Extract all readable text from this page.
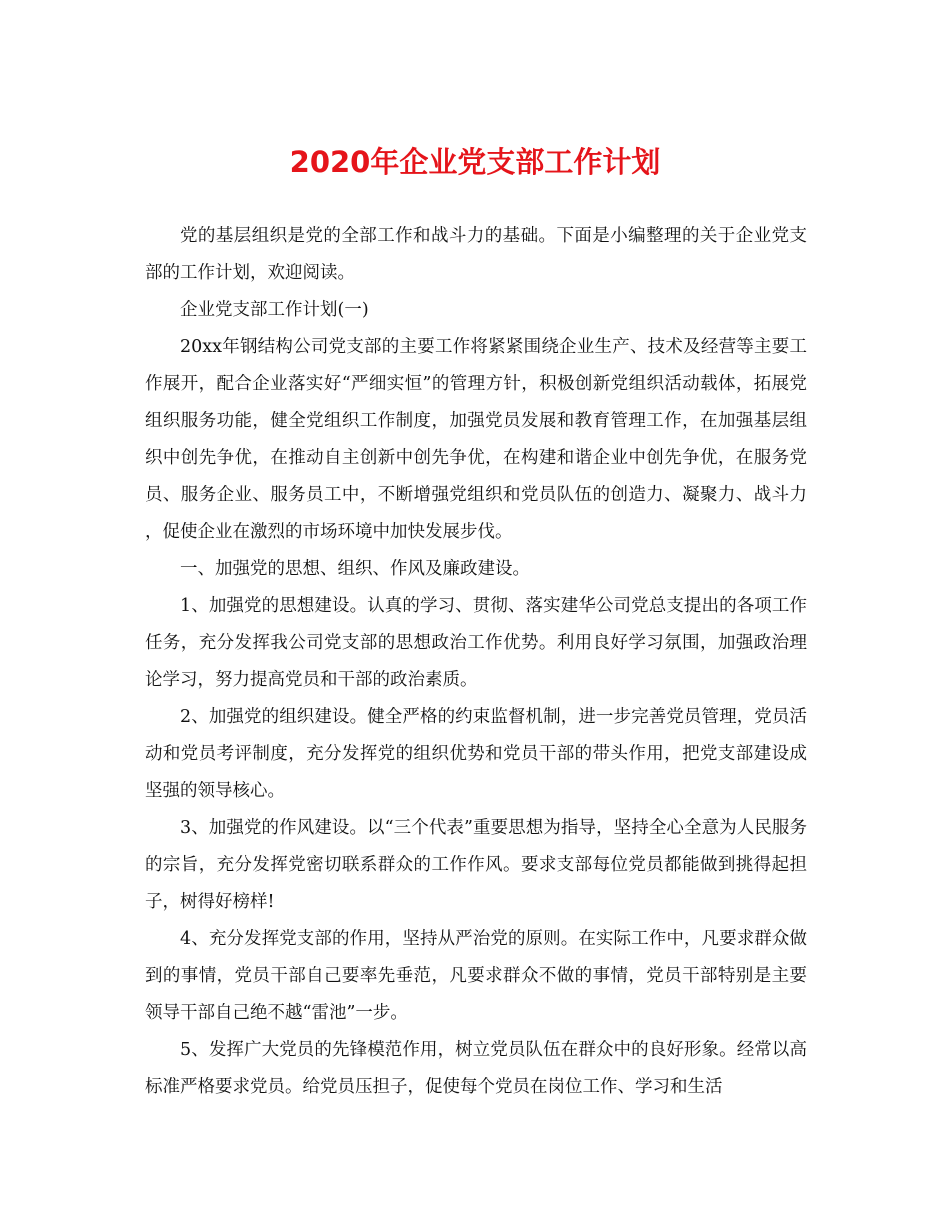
2020年企业党支部工作计划

党的基层组织是党的全部工作和战斗力的基础。下面是小编整理的关于企业党支部的工作计划，欢迎阅读。

企业党支部工作计划(一)

20xx年钢结构公司党支部的主要工作将紧紧围绕企业生产、技术及经营等主要工作展开，配合企业落实好“严细实恒”的管理方针，积极创新党组织活动载体，拓展党组织服务功能，健全党组织工作制度，加强党员发展和教育管理工作，在加强基层组织中创先争优，在推动自主创新中创先争优，在构建和谐企业中创先争优，在服务党员、服务企业、服务员工中，不断增强党组织和党员队伍的创造力、凝聚力、战斗力，促使企业在激烈的市场环境中加快发展步伐。

一、加强党的思想、组织、作风及廉政建设。

1、加强党的思想建设。认真的学习、贯彻、落实建华公司党总支提出的各项工作任务，充分发挥我公司党支部的思想政治工作优势。利用良好学习氛围，加强政治理论学习，努力提高党员和干部的政治素质。

2、加强党的组织建设。健全严格的约束监督机制，进一步完善党员管理，党员活动和党员考评制度，充分发挥党的组织优势和党员干部的带头作用，把党支部建设成坚强的领导核心。

3、加强党的作风建设。以“三个代表”重要思想为指导，坚持全心全意为人民服务的宗旨，充分发挥党密切联系群众的工作作风。要求支部每位党员都能做到挑得起担子，树得好榜样!

4、充分发挥党支部的作用，坚持从严治党的原则。在实际工作中，凡要求群众做到的事情，党员干部自己要率先垂范，凡要求群众不做的事情，党员干部特别是主要领导干部自己绝不越“雷池”一步。

5、发挥广大党员的先锋模范作用，树立党员队伍在群众中的良好形象。经常以高标准严格要求党员。给党员压担子，促使每个党员在岗位工作、学习和生活
